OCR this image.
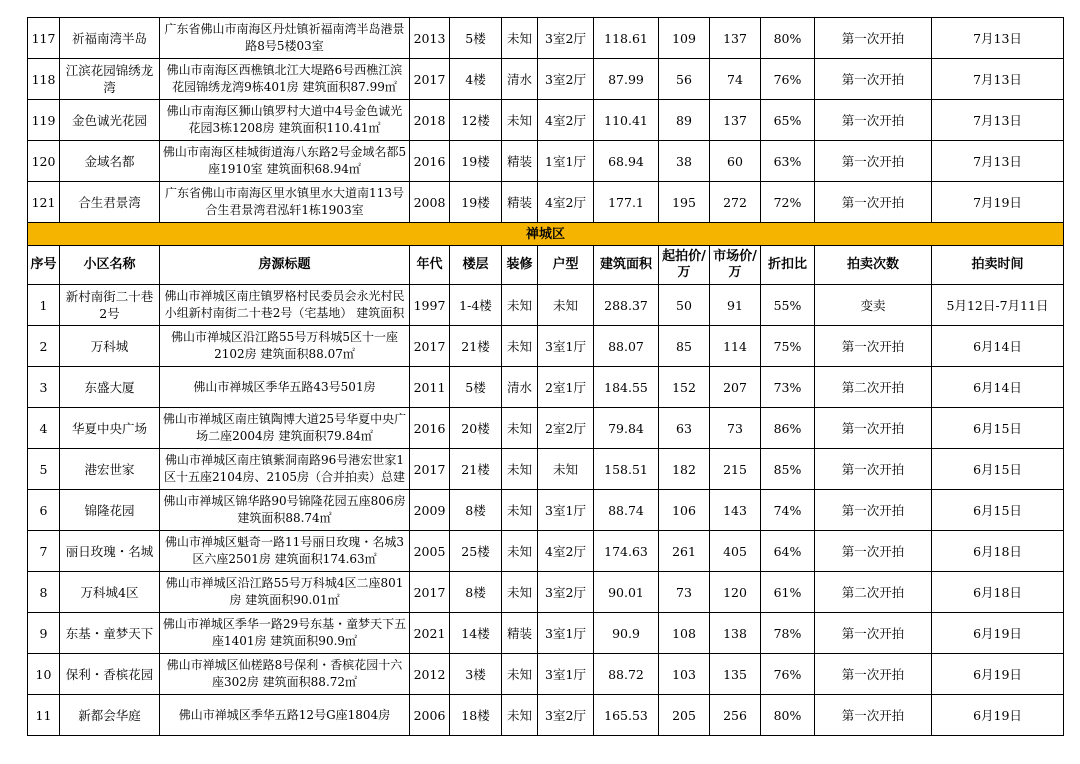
117	祈福南湾半岛	广东省佛山市南海区丹灶镇祈福南湾半岛港景路8号5楼03室	2013	5楼	未知	3室2厅	118.61	109	137	80%	第一次开拍	7月13日
118	江滨花园锦绣龙湾	佛山市南海区西樵镇北江大堤路6号西樵江滨花园锦绣龙湾9栋401房 建筑面积87.99㎡	2017	4楼	清水	3室2厅	87.99	56	74	76%	第一次开拍	7月13日
119	金色诚光花园	佛山市南海区狮山镇罗村大道中4号金色诚光花园3栋1208房 建筑面积110.41㎡	2018	12楼	未知	4室2厅	110.41	89	137	65%	第一次开拍	7月13日
120	金域名都	佛山市南海区桂城街道海八东路2号金域名都5座1910室 建筑面积68.94㎡	2016	19楼	精装	1室1厅	68.94	38	60	63%	第一次开拍	7月13日
121	合生君景湾	广东省佛山市南海区里水镇里水大道南113号合生君景湾君泓轩1栋1903室	2008	19楼	精装	4室2厅	177.1	195	272	72%	第一次开拍	7月19日
禅城区												
序号	小区名称	房源标题	年代	楼层	装修	户型	建筑面积	起拍价/万	市场价/万	折扣比	拍卖次数	拍卖时间
1	新村南街二十巷2号	佛山市禅城区南庄镇罗格村民委员会永光村民小组新村南街二十巷2号（宅基地） 建筑面积	1997	1-4楼	未知	未知	288.37	50	91	55%	变卖	5月12日-7月11日
2	万科城	佛山市禅城区沿江路55号万科城5区十一座2102房 建筑面积88.07㎡	2017	21楼	未知	3室1厅	88.07	85	114	75%	第一次开拍	6月14日
3	东盛大厦	佛山市禅城区季华五路43号501房	2011	5楼	清水	2室1厅	184.55	152	207	73%	第二次开拍	6月14日
4	华夏中央广场	佛山市禅城区南庄镇陶博大道25号华夏中央广场二座2004房 建筑面积79.84㎡	2016	20楼	未知	2室2厅	79.84	63	73	86%	第一次开拍	6月15日
5	港宏世家	佛山市禅城区南庄镇紫洞南路96号港宏世家1区十五座2104房、2105房（合并拍卖）总建	2017	21楼	未知	未知	158.51	182	215	85%	第一次开拍	6月15日
6	锦隆花园	佛山市禅城区锦华路90号锦隆花园五座806房 建筑面积88.74㎡	2009	8楼	未知	3室1厅	88.74	106	143	74%	第一次开拍	6月15日
7	丽日玫瑰・名城	佛山市禅城区魁奇一路11号丽日玫瑰・名城3区六座2501房 建筑面积174.63㎡	2005	25楼	未知	4室2厅	174.63	261	405	64%	第一次开拍	6月18日
8	万科城4区	佛山市禅城区沿江路55号万科城4区二座801房 建筑面积90.01㎡	2017	8楼	未知	3室2厅	90.01	73	120	61%	第二次开拍	6月18日
9	东基・童梦天下	佛山市禅城区季华一路29号东基・童梦天下五座1401房 建筑面积90.9㎡	2021	14楼	精装	3室1厅	90.9	108	138	78%	第一次开拍	6月19日
10	保利・香槟花园	佛山市禅城区仙槎路8号保利・香槟花园十六座302房 建筑面积88.72㎡	2012	3楼	未知	3室1厅	88.72	103	135	76%	第一次开拍	6月19日
11	新都会华庭	佛山市禅城区季华五路12号G座1804房	2006	18楼	未知	3室2厅	165.53	205	256	80%	第一次开拍	6月19日
